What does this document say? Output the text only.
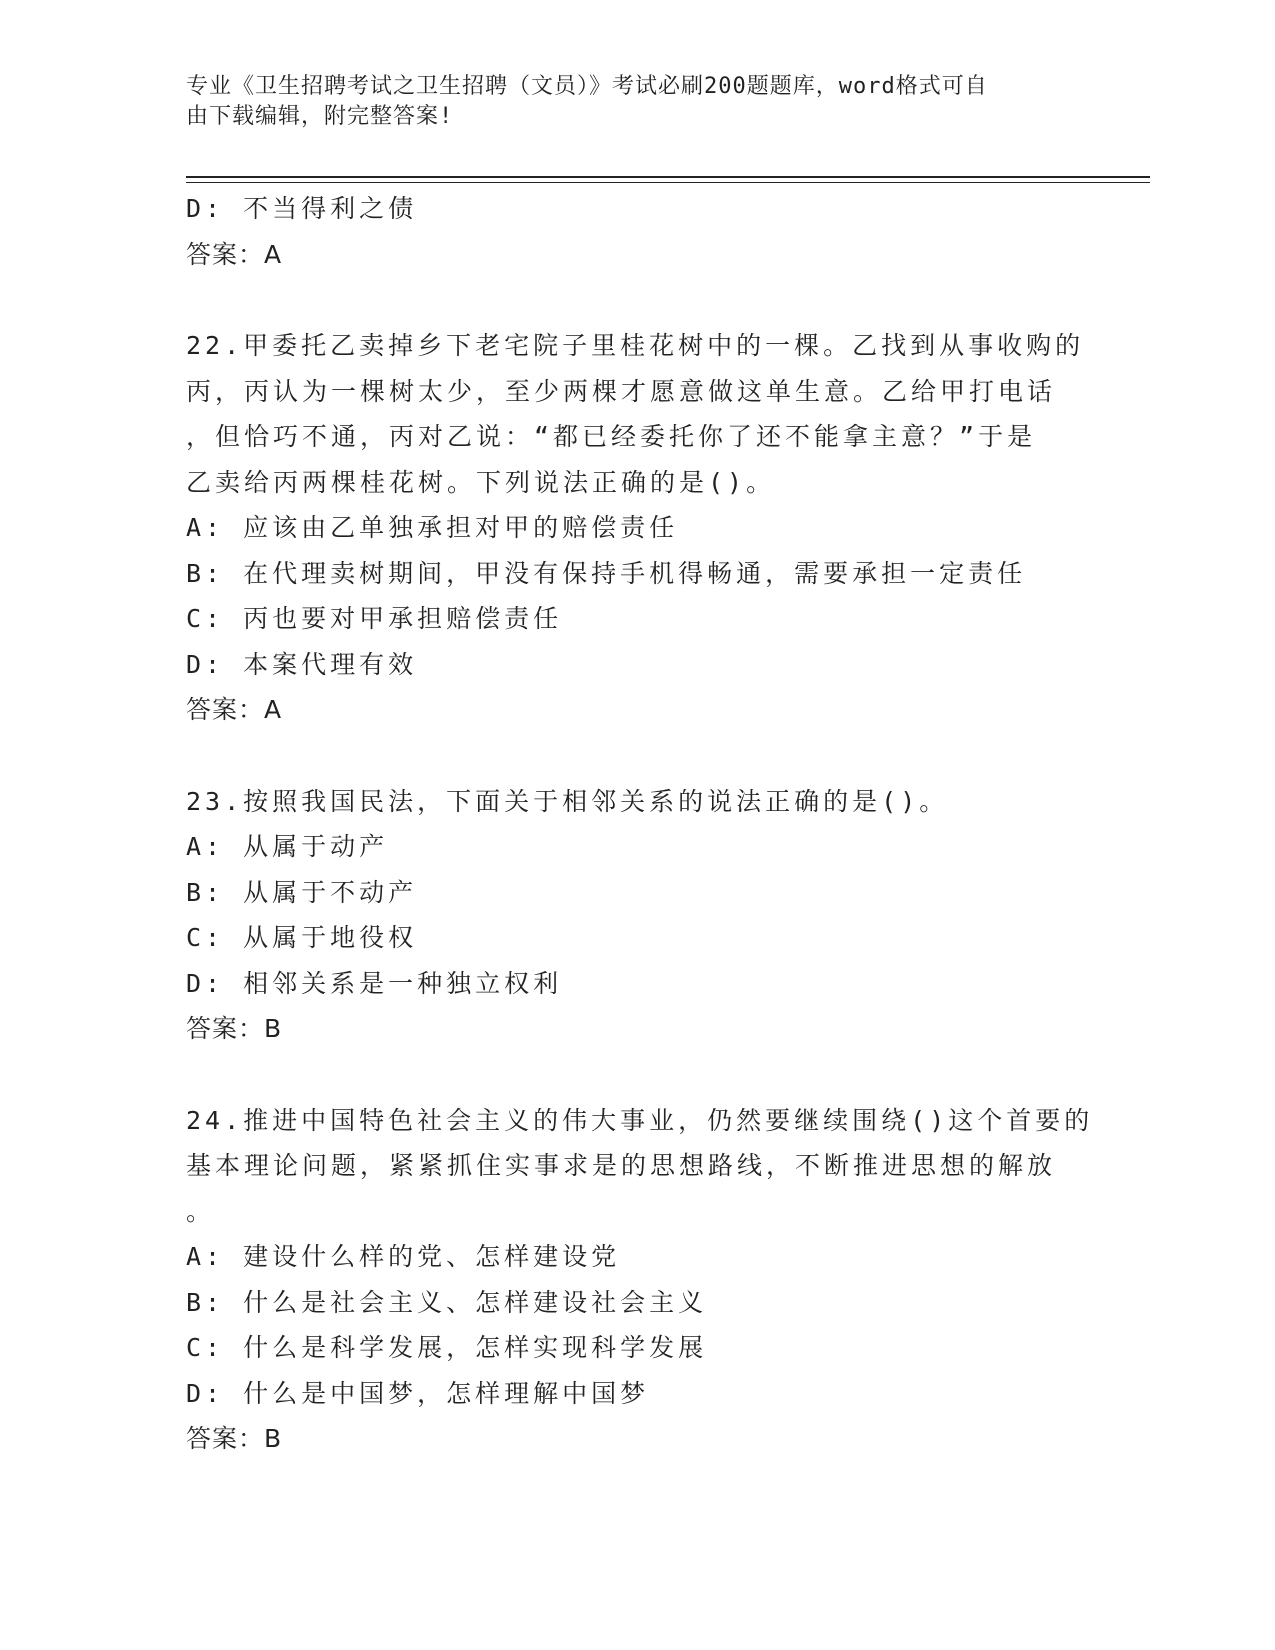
专业《卫生招聘考试之卫生招聘（文员）》考试必刷200题题库，word格式可自
由下载编辑，附完整答案!
D: 不当得利之债
答案：A
22.甲委托乙卖掉乡下老宅院子里桂花树中的一棵。乙找到从事收购的
丙，丙认为一棵树太少，至少两棵才愿意做这单生意。乙给甲打电话
，但恰巧不通，丙对乙说：“都已经委托你了还不能拿主意？”于是
乙卖给丙两棵桂花树。下列说法正确的是()。
A: 应该由乙单独承担对甲的赔偿责任
B: 在代理卖树期间，甲没有保持手机得畅通，需要承担一定责任
C: 丙也要对甲承担赔偿责任
D: 本案代理有效
答案：A
23.按照我国民法，下面关于相邻关系的说法正确的是()。
A: 从属于动产
B: 从属于不动产
C: 从属于地役权
D: 相邻关系是一种独立权利
答案：B
24.推进中国特色社会主义的伟大事业，仍然要继续围绕()这个首要的
基本理论问题，紧紧抓住实事求是的思想路线，不断推进思想的解放
。
A: 建设什么样的党、怎样建设党
B: 什么是社会主义、怎样建设社会主义
C: 什么是科学发展，怎样实现科学发展
D: 什么是中国梦，怎样理解中国梦
答案：B
